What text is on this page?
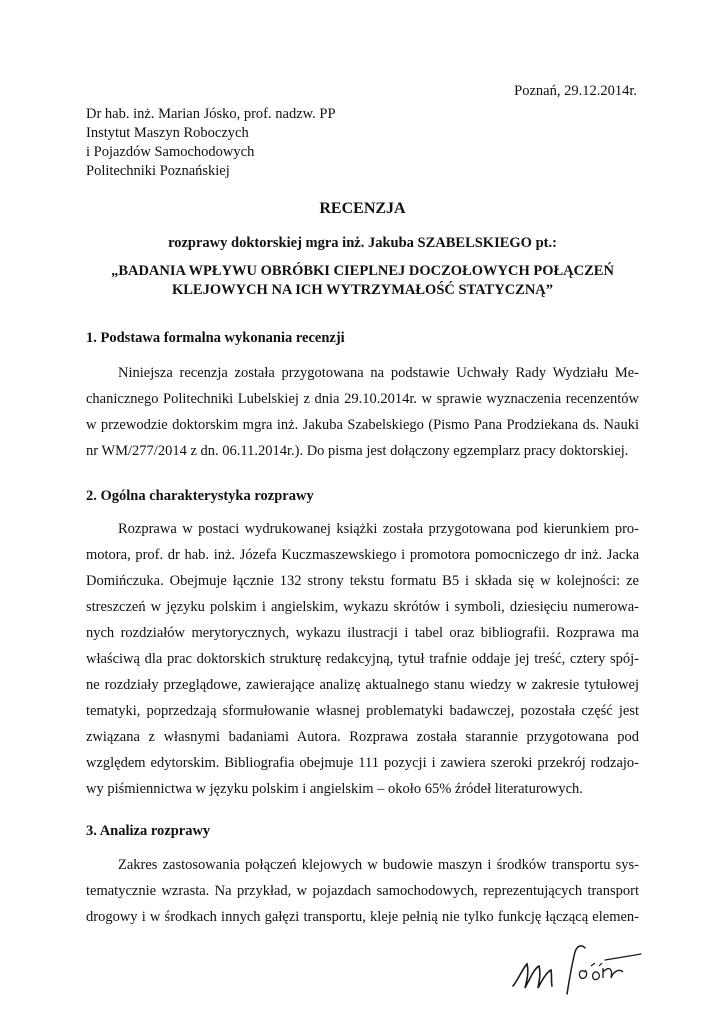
Poznań, 29.12.2014r.
Dr hab. inż. Marian Jósko, prof. nadzw. PP
Instytut Maszyn Roboczych
i Pojazdów Samochodowych
Politechniki Poznańskiej
RECENZJA
rozprawy doktorskiej mgra inż. Jakuba SZABELSKIEGO pt.:
„BADANIA WPŁYWU OBRÓBKI CIEPLNEJ DOCZOŁOWYCH POŁĄCZEŃ
KLEJOWYCH NA ICH WYTRZYMAŁOŚĆ STATYCZNĄ”
1. Podstawa formalna wykonania recenzji
Niniejsza recenzja została przygotowana na podstawie Uchwały Rady Wydziału Me-
chanicznego Politechniki Lubelskiej z dnia 29.10.2014r. w sprawie wyznaczenia recenzentów
w przewodzie doktorskim mgra inż. Jakuba Szabelskiego (Pismo Pana Prodziekana ds. Nauki
nr WM/277/2014 z dn. 06.11.2014r.). Do pisma jest dołączony egzemplarz pracy doktorskiej.
2. Ogólna charakterystyka rozprawy
Rozprawa w postaci wydrukowanej książki została przygotowana pod kierunkiem pro-
motora, prof. dr hab. inż. Józefa Kuczmaszewskiego i promotora pomocniczego dr inż. Jacka
Domińczuka. Obejmuje łącznie 132 strony tekstu formatu B5 i składa się w kolejności: ze
streszczeń w języku polskim i angielskim, wykazu skrótów i symboli, dziesięciu numerowa-
nych rozdziałów merytorycznych, wykazu ilustracji i tabel oraz bibliografii. Rozprawa ma
właściwą dla prac doktorskich strukturę redakcyjną, tytuł trafnie oddaje jej treść, cztery spój-
ne rozdziały przeglądowe, zawierające analizę aktualnego stanu wiedzy w zakresie tytułowej
tematyki, poprzedzają sformułowanie własnej problematyki badawczej, pozostała część jest
związana z własnymi badaniami Autora. Rozprawa została starannie przygotowana pod
względem edytorskim. Bibliografia obejmuje 111 pozycji i zawiera szeroki przekrój rodzajo-
wy piśmiennictwa w języku polskim i angielskim – około 65% źródeł literaturowych.
3. Analiza rozprawy
Zakres zastosowania połączeń klejowych w budowie maszyn i środków transportu sys-
tematycznie wzrasta. Na przykład, w pojazdach samochodowych, reprezentujących transport
drogowy i w środkach innych gałęzi transportu, kleje pełnią nie tylko funkcję łączącą elemen-
